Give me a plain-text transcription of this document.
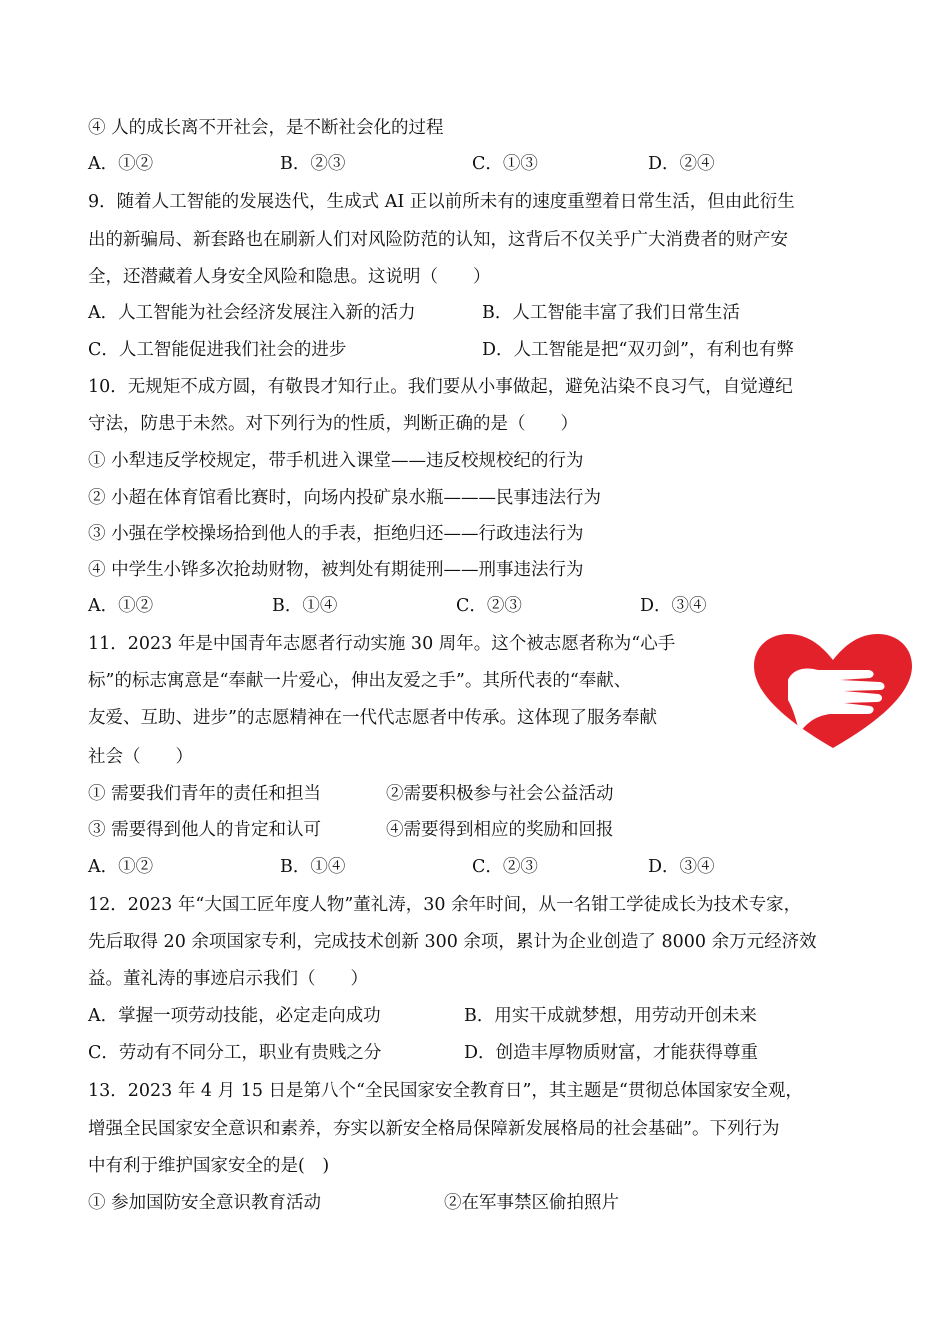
④ 人的成长离不开社会，是不断社会化的过程
A．①②	B．②③	C．①③	D．②④
9．随着人工智能的发展迭代，生成式 AI 正以前所未有的速度重塑着日常生活，但由此衍生
出的新骗局、新套路也在刷新人们对风险防范的认知，这背后不仅关乎广大消费者的财产安
全，还潜藏着人身安全风险和隐患。这说明（　　）
A．人工智能为社会经济发展注入新的活力	B．人工智能丰富了我们日常生活
C．人工智能促进我们社会的进步	D．人工智能是把“双刃剑”，有利也有弊
10．无规矩不成方圆，有敬畏才知行止。我们要从小事做起，避免沾染不良习气，自觉遵纪
守法，防患于未然。对下列行为的性质，判断正确的是（　　）
① 小犁违反学校规定，带手机进入课堂——违反校规校纪的行为
② 小超在体育馆看比赛时，向场内投矿泉水瓶———民事违法行为
③ 小强在学校操场拾到他人的手表，拒绝归还——行政违法行为
④ 中学生小铧多次抢劫财物，被判处有期徒刑——刑事违法行为
A．①②	B．①④	C．②③	D．③④
11．2023 年是中国青年志愿者行动实施 30 周年。这个被志愿者称为“心手
标”的标志寓意是“奉献一片爱心，伸出友爱之手”。其所代表的“奉献、
友爱、互助、进步”的志愿精神在一代代志愿者中传承。这体现了服务奉献
社会（　　）
① 需要我们青年的责任和担当	②需要积极参与社会公益活动
③ 需要得到他人的肯定和认可	④需要得到相应的奖励和回报
A．①②	B．①④	C．②③	D．③④
12．2023 年“大国工匠年度人物”董礼涛，30 余年时间，从一名钳工学徒成长为技术专家，
先后取得 20 余项国家专利，完成技术创新 300 余项，累计为企业创造了 8000 余万元经济效
益。董礼涛的事迹启示我们（　　）
A．掌握一项劳动技能，必定走向成功	B．用实干成就梦想，用劳动开创未来
C．劳动有不同分工，职业有贵贱之分	D．创造丰厚物质财富，才能获得尊重
13．2023 年 4 月 15 日是第八个“全民国家安全教育日”，其主题是“贯彻总体国家安全观，
增强全民国家安全意识和素养，夯实以新安全格局保障新发展格局的社会基础”。下列行为
中有利于维护国家安全的是(　)
① 参加国防安全意识教育活动	②在军事禁区偷拍照片
